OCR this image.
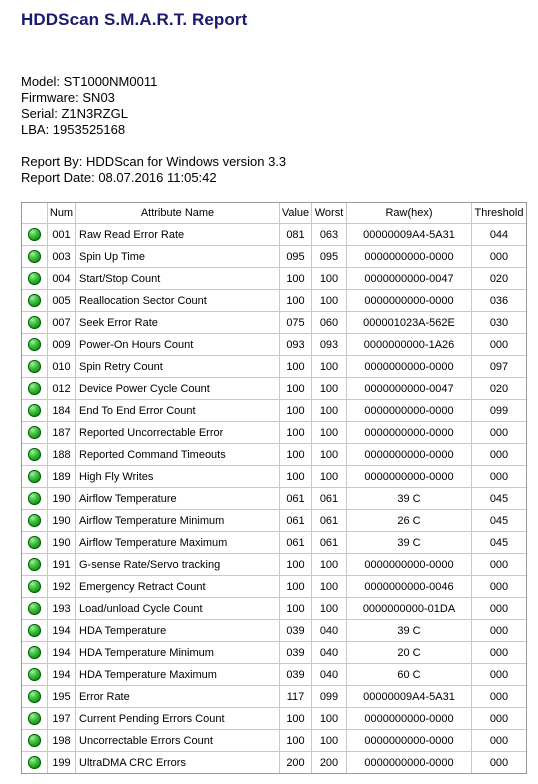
HDDScan S.M.A.R.T. Report
Model: ST1000NM0011
Firmware: SN03
Serial: Z1N3RZGL
LBA: 1953525168
Report By: HDDScan for Windows version 3.3
Report Date: 08.07.2016 11:05:42
	Num	Attribute Name	Value	Worst	Raw(hex)	Threshold
	001	Raw Read Error Rate	081	063	00000009A4-5A31	044
	003	Spin Up Time	095	095	0000000000-0000	000
	004	Start/Stop Count	100	100	0000000000-0047	020
	005	Reallocation Sector Count	100	100	0000000000-0000	036
	007	Seek Error Rate	075	060	000001023A-562E	030
	009	Power-On Hours Count	093	093	0000000000-1A26	000
	010	Spin Retry Count	100	100	0000000000-0000	097
	012	Device Power Cycle Count	100	100	0000000000-0047	020
	184	End To End Error Count	100	100	0000000000-0000	099
	187	Reported Uncorrectable Error	100	100	0000000000-0000	000
	188	Reported Command Timeouts	100	100	0000000000-0000	000
	189	High Fly Writes	100	100	0000000000-0000	000
	190	Airflow Temperature	061	061	39 C	045
	190	Airflow Temperature Minimum	061	061	26 C	045
	190	Airflow Temperature Maximum	061	061	39 C	045
	191	G-sense Rate/Servo tracking	100	100	0000000000-0000	000
	192	Emergency Retract Count	100	100	0000000000-0046	000
	193	Load/unload Cycle Count	100	100	0000000000-01DA	000
	194	HDA Temperature	039	040	39 C	000
	194	HDA Temperature Minimum	039	040	20 C	000
	194	HDA Temperature Maximum	039	040	60 C	000
	195	Error Rate	117	099	00000009A4-5A31	000
	197	Current Pending Errors Count	100	100	0000000000-0000	000
	198	Uncorrectable Errors Count	100	100	0000000000-0000	000
	199	UltraDMA CRC Errors	200	200	0000000000-0000	000
